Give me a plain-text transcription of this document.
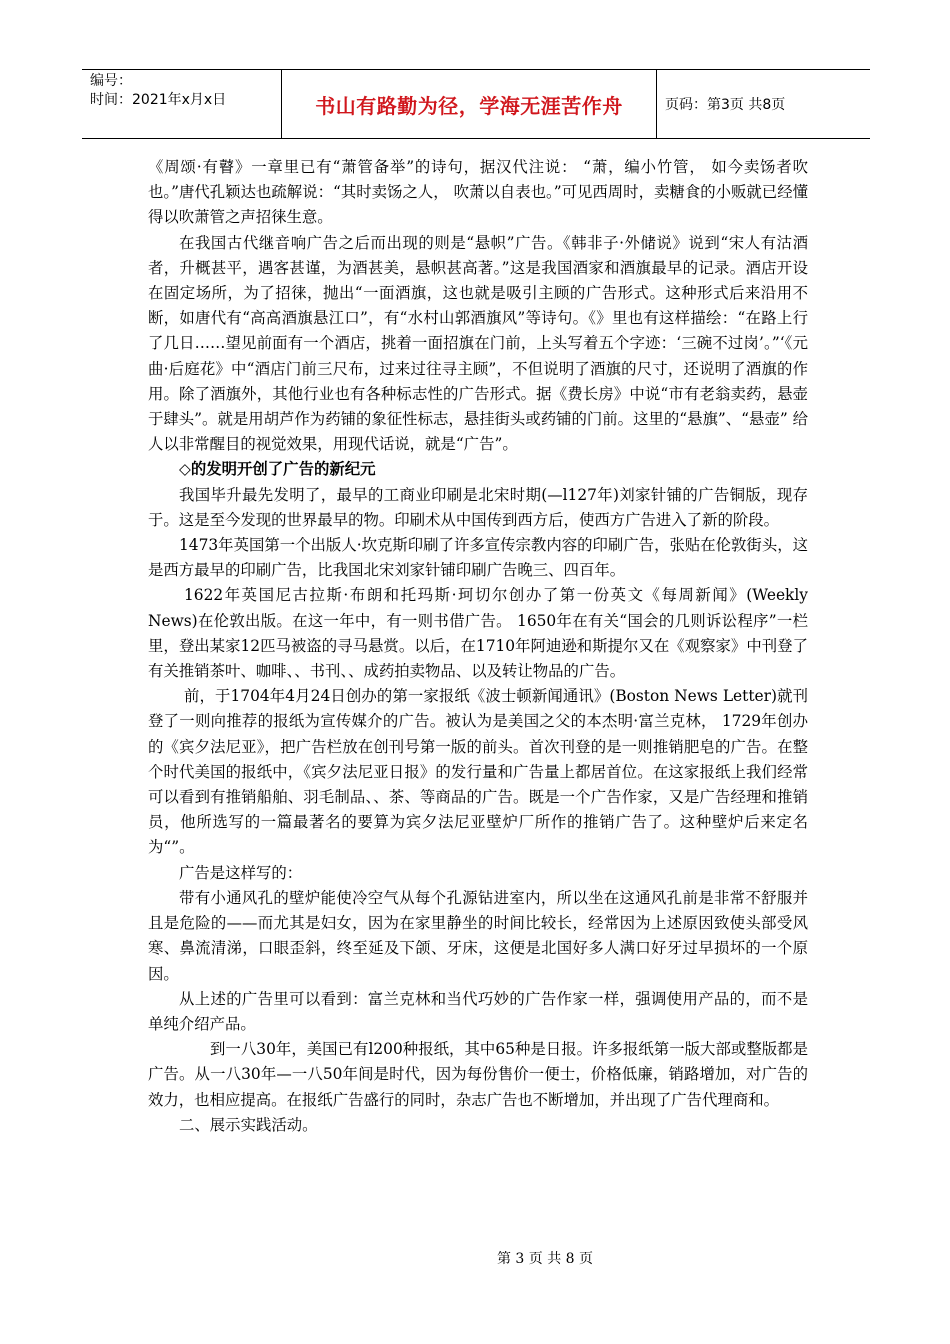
编号：
时间：2021年x月x日	书山有路勤为径，学海无涯苦作舟	页码：第3页 共8页

《周颂·有瞽》一章里已有“萧管备举”的诗句，据汉代注说： “萧，编小竹管， 如今卖饧者吹也。”唐代孔颖达也疏解说：“其时卖饧之人， 吹萧以自表也。”可见西周时，卖糖食的小贩就已经懂得以吹萧管之声招徕生意。

在我国古代继音响广告之后而出现的则是“悬帜”广告。《韩非子·外储说》说到“宋人有沽酒者，升概甚平，遇客甚谨，为酒甚美，悬帜甚高著。”这是我国酒家和酒旗最早的记录。酒店开设在固定场所，为了招徕，抛出“一面酒旗，这也就是吸引主顾的广告形式。这种形式后来沿用不断，如唐代有“高高酒旗悬江口”，有“水村山郭酒旗风”等诗句。《》里也有这样描绘：“在路上行了几日……望见前面有一个酒店，挑着一面招旗在门前，上头写着五个字迹：‘三碗不过岗’。”‘《元曲·后庭花》中“酒店门前三尺布，过来过往寻主顾”，不但说明了酒旗的尺寸，还说明了酒旗的作用。除了酒旗外，其他行业也有各种标志性的广告形式。据《费长房》中说“市有老翁卖药，悬壶于肆头”。就是用胡芦作为药铺的象征性标志，悬挂街头或药铺的门前。这里的“悬旗”、“悬壶” 给人以非常醒目的视觉效果，用现代话说，就是“广告”。

◇的发明开创了广告的新纪元

我国毕升最先发明了，最早的工商业印刷是北宋时期(—l127年)刘家针铺的广告铜版，现存于。这是至今发现的世界最早的物。印刷术从中国传到西方后，使西方广告进入了新的阶段。

1473年英国第一个出版人·坎克斯印刷了许多宣传宗教内容的印刷广告，张贴在伦敦街头，这是西方最早的印刷广告，比我国北宋刘家针铺印刷广告晚三、四百年。

1622年英国尼古拉斯·布朗和托玛斯·珂切尔创办了第一份英文《每周新闻》(Weekly News)在伦敦出版。在这一年中，有一则书借广告。 1650年在有关“国会的几则诉讼程序”一栏里，登出某家12匹马被盗的寻马悬赏。以后，在1710年阿迪逊和斯提尔又在《观察家》中刊登了有关推销茶叶、咖啡、、书刊、、成药拍卖物品、以及转让物品的广告。

前，于1704年4月24日创办的第一家报纸《波士顿新闻通讯》(Boston News Letter)就刊登了一则向推荐的报纸为宣传媒介的广告。被认为是美国之父的本杰明·富兰克林， 1729年创办的《宾夕法尼亚》，把广告栏放在创刊号第一版的前头。首次刊登的是一则推销肥皂的广告。在整个时代美国的报纸中，《宾夕法尼亚日报》的发行量和广告量上都居首位。在这家报纸上我们经常可以看到有推销船舶、羽毛制品、、茶、等商品的广告。既是一个广告作家，又是广告经理和推销员，他所选写的一篇最著名的要算为宾夕法尼亚壁炉厂所作的推销广告了。这种壁炉后来定名为“”。

广告是这样写的：

带有小通风孔的壁炉能使冷空气从每个孔源钻进室内，所以坐在这通风孔前是非常不舒服并且是危险的——而尤其是妇女，因为在家里静坐的时间比较长，经常因为上述原因致使头部受风寒、鼻流清涕，口眼歪斜，终至延及下颌、牙床，这便是北国好多人满口好牙过早损坏的一个原因。

从上述的广告里可以看到：富兰克林和当代巧妙的广告作家一样，强调使用产品的，而不是单纯介绍产品。

到一八30年，美国已有l200种报纸，其中65种是日报。许多报纸第一版大部或整版都是广告。从一八30年—一八50年间是时代，因为每份售价一便士，价格低廉，销路增加，对广告的效力，也相应提高。在报纸广告盛行的同时，杂志广告也不断增加，并出现了广告代理商和。

二、展示实践活动。

第 3 页 共 8 页
